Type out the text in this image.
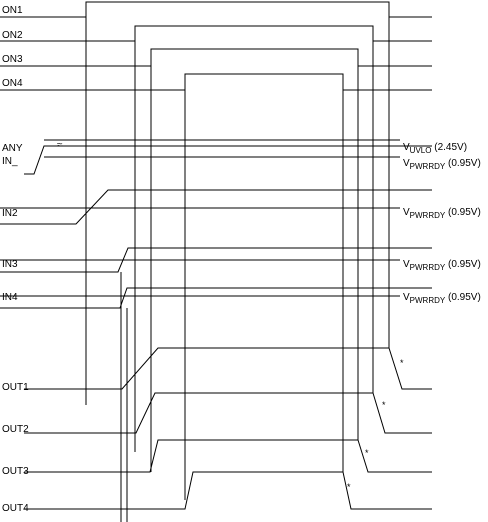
≈
ON1
ON2
ON3
ON4
ANY
IN_
IN2
IN3
IN4
OUT1
OUT2
OUT3
OUT4
VUVLO (2.45V)
VPWRRDY (0.95V)
VPWRRDY (0.95V)
VPWRRDY (0.95V)
VPWRRDY (0.95V)
*
*
*
*
